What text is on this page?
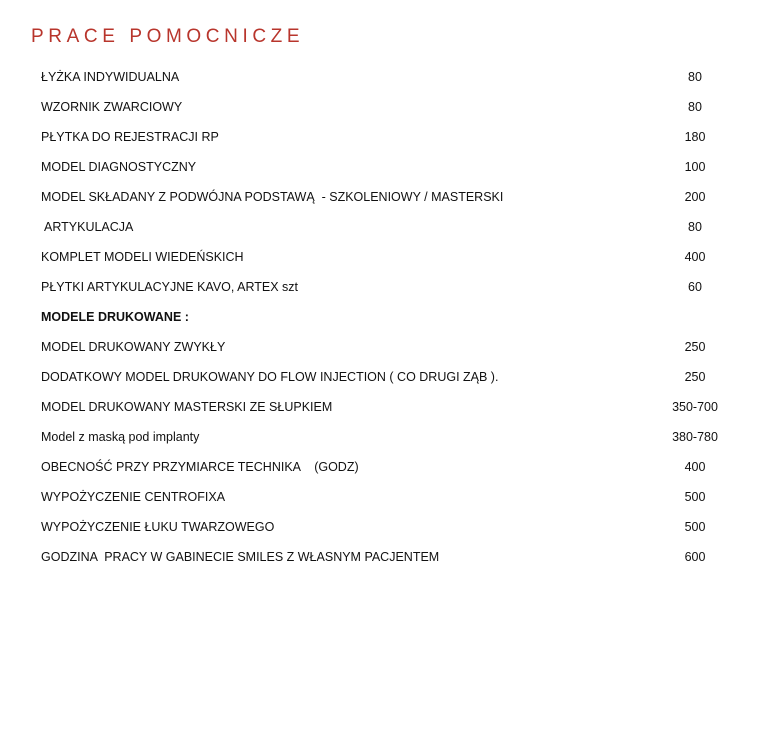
PRACE POMOCNICZE
ŁYŻKA INDYWIDUALNA	80
WZORNIK ZWARCIOWY	80
PŁYTKA DO REJESTRACJI RP	180
MODEL DIAGNOSTYCZNY	100
MODEL SKŁADANY Z PODWÓJNA PODSTAWĄ  - SZKOLENIOWY / MASTERSKI	200
ARTYKULACJA	80
KOMPLET MODELI WIEDEŃSKICH	400
PŁYTKI ARTYKULACYJNE KAVO, ARTEX szt	60
MODELE DRUKOWANE :
MODEL DRUKOWANY ZWYKŁY	250
DODATKOWY MODEL DRUKOWANY DO FLOW INJECTION ( CO DRUGI ZĄB ).	250
MODEL DRUKOWANY MASTERSKI ZE SŁUPKIEM	350-700
Model z maską pod implanty	380-780
OBECNOŚĆ PRZY PRZYMIARCE TECHNIKA    (GODZ)	400
WYPOŻYCZENIE CENTROFIXA	500
WYPOŻYCZENIE ŁUKU TWARZOWEGO	500
GODZINA  PRACY W GABINECIE SMILES Z WŁASNYM PACJENTEM	600
